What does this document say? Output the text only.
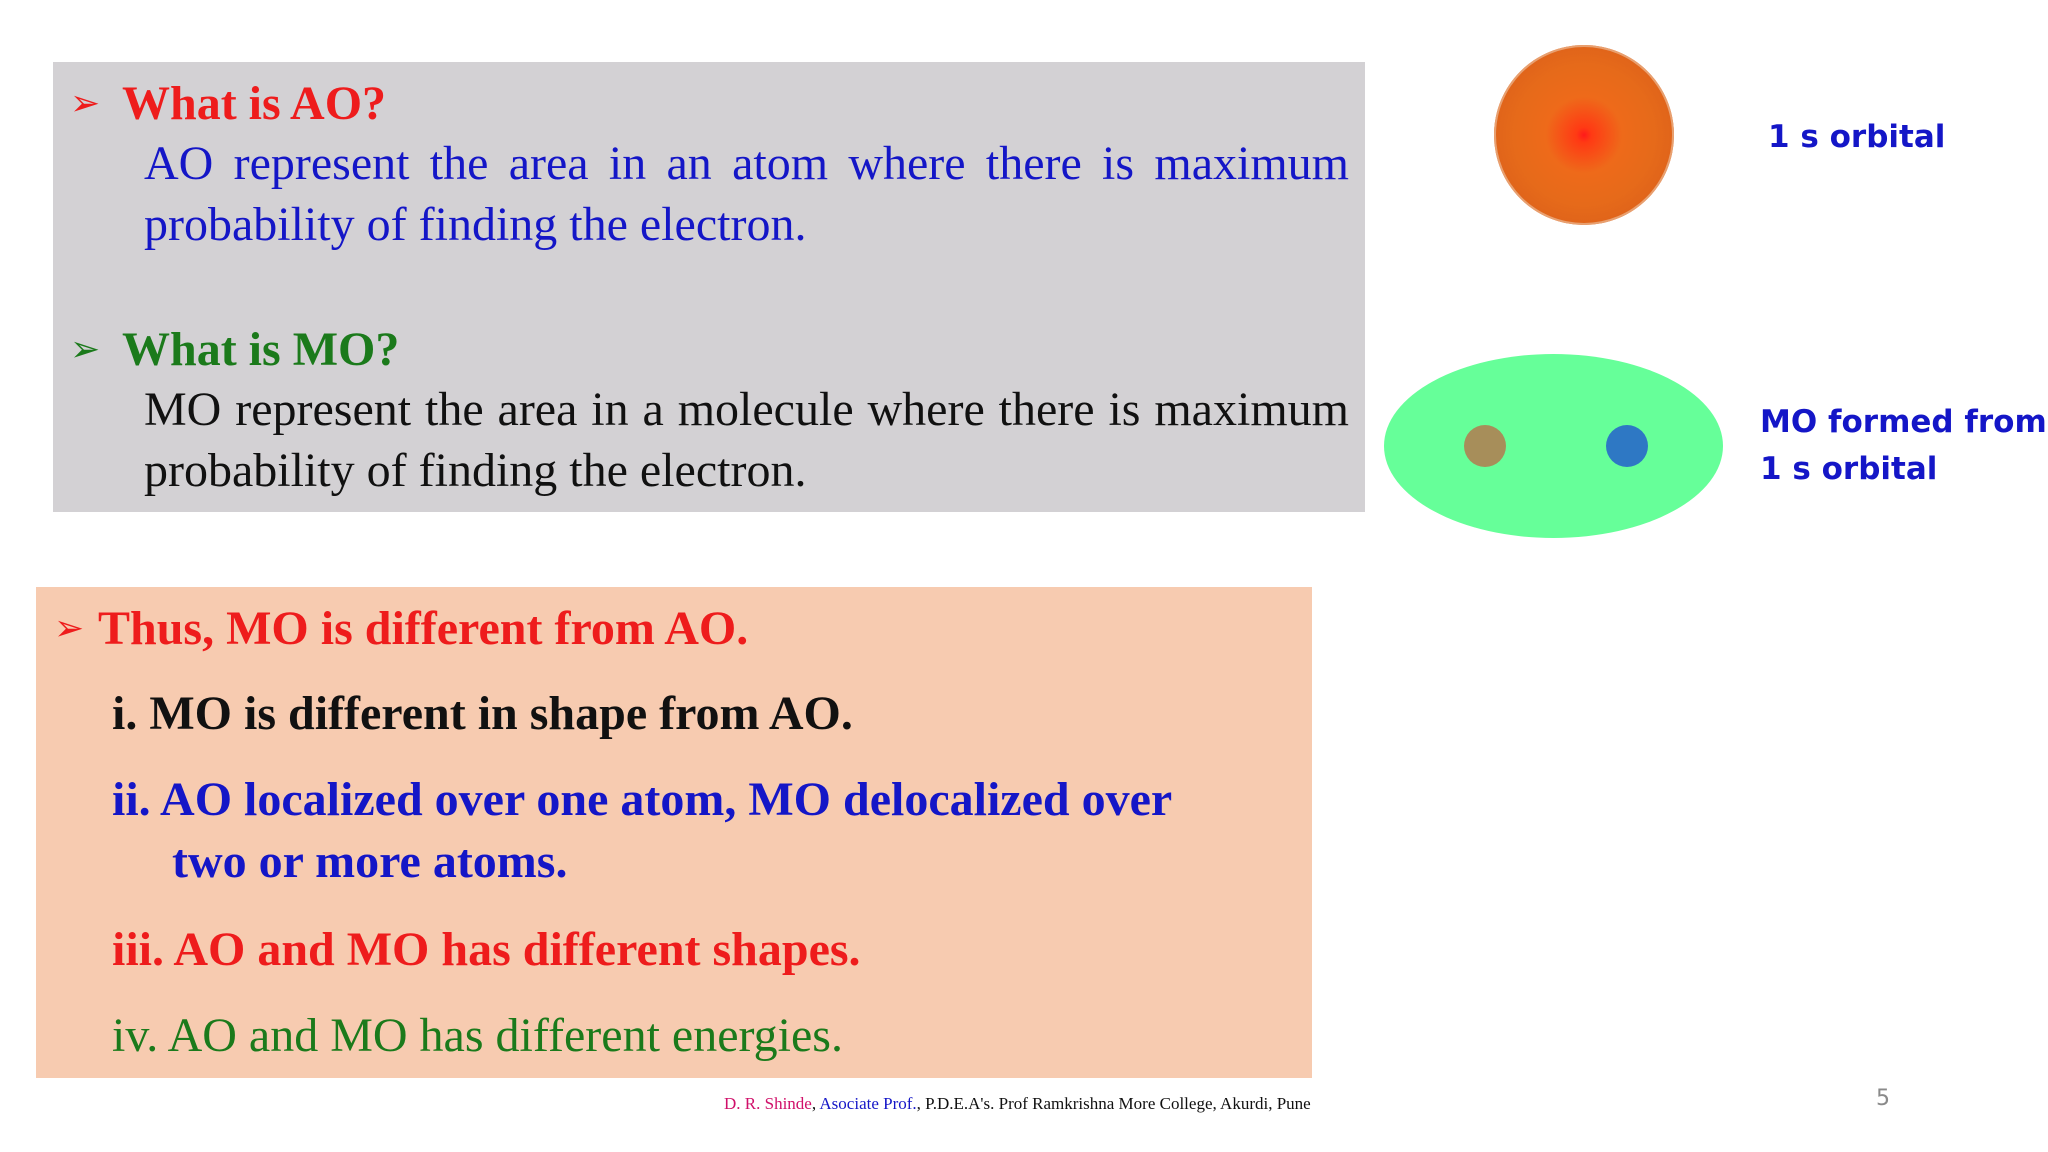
➢ What is AO?
AO represent the area in an atom where there is maximum probability of finding the electron.
➢ What is MO?
MO represent the area in a molecule where there is maximum probability of finding the electron.
➢ Thus, MO is different from AO.
i. MO is different in shape from AO.
ii. AO localized over one atom, MO delocalized over
two or more atoms.
iii. AO and MO has different shapes.
iv. AO and MO has different energies.
1 s orbital
MO formed from
1 s orbital
D. R. Shinde, Asociate Prof., P.D.E.A's. Prof Ramkrishna More College, Akurdi, Pune	5
